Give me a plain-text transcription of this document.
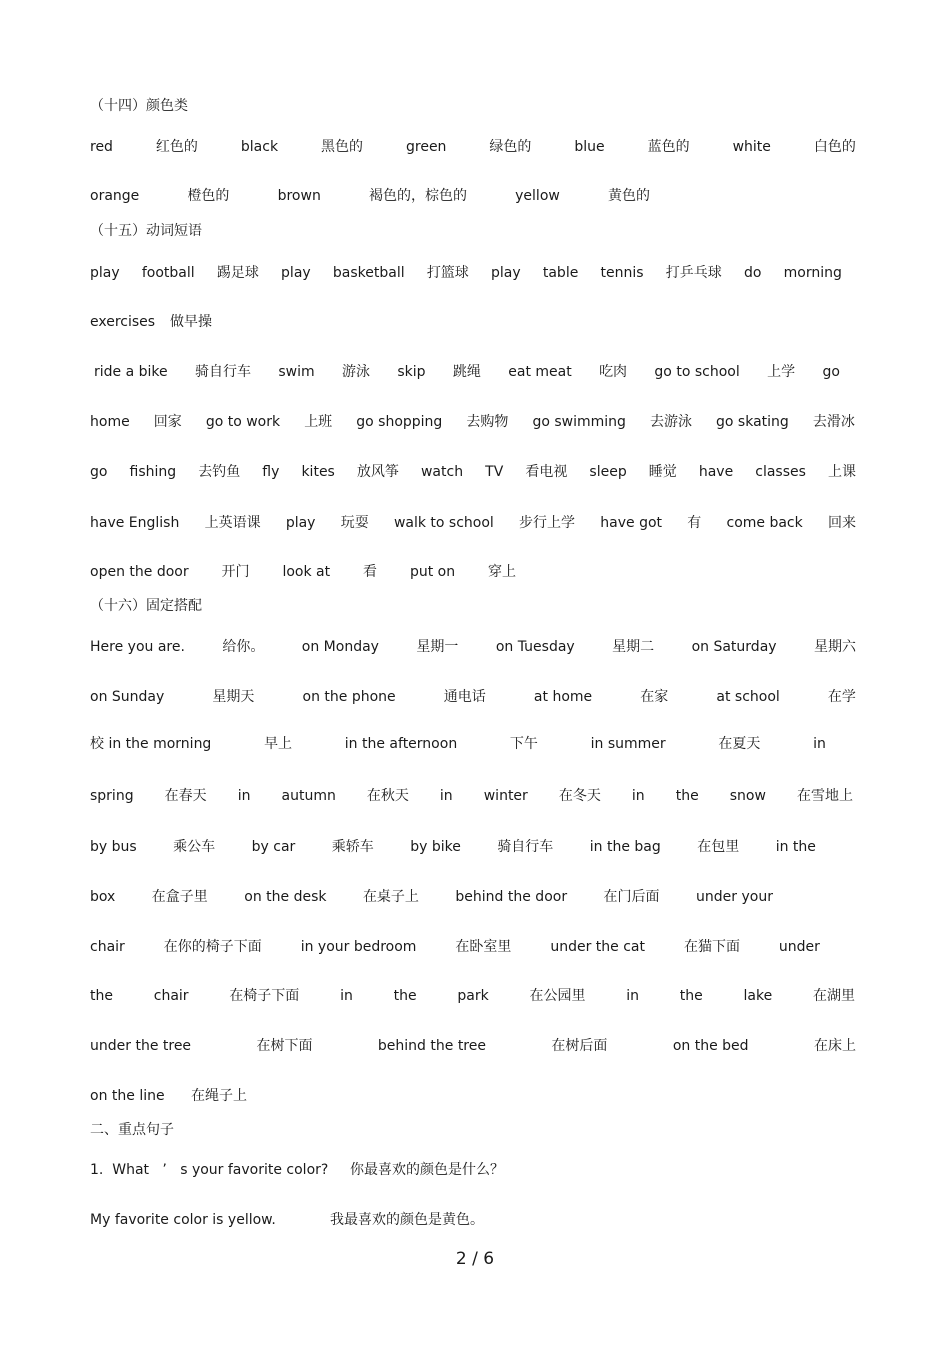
（十四）颜色类
red	红色的	black	黑色的	green	绿色的	blue	蓝色的	white	白色的
orange	橙色的	brown	褐色的，棕色的	yellow	黄色的
（十五）动词短语
play football 踢足球 play basketball 打篮球 play table tennis 打乒乓球 do morning
exercises 做早操
ride a bike 骑自行车 swim 游泳 skip 跳绳 eat meat 吃肉 go to school 上学 go
home 回家 go to work 上班 go shopping 去购物 go swimming 去游泳 go skating 去滑冰
go fishing 去钓鱼 fly kites 放风筝 watch TV 看电视 sleep 睡觉 have classes 上课
have English 上英语课 play 玩耍 walk to school 步行上学 have got 有 come back 回来
open the door 开门 look at 看 put on 穿上
（十六）固定搭配
Here you are.	给你。	on Monday	星期一	on Tuesday	星期二	on Saturday	星期六
on Sunday	星期天	on the phone	通电话	at home	在家	at school	在学
校 in the morning	早上	in the afternoon	下午	in summer	在夏天	in
spring 在春天 in autumn 在秋天 in winter 在冬天 in the snow 在雪地上
by bus	乘公车	by car	乘轿车	by bike	骑自行车	in the bag	在包里	in the
box	在盒子里	on the desk	在桌子上	behind the door	在门后面	under your
chair	在你的椅子下面	in your bedroom	在卧室里	under the cat	在猫下面	under
the	chair	在椅子下面	in	the	park	在公园里	in	the	lake	在湖里
under the tree	在树下面	behind the tree	在树后面	on the bed	在床上
on the line 在绳子上
二、重点句子
1.  What   ’   s your favorite color? 你最喜欢的颜色是什么？
My favorite color is yellow.	我最喜欢的颜色是黄色。
2 / 6
